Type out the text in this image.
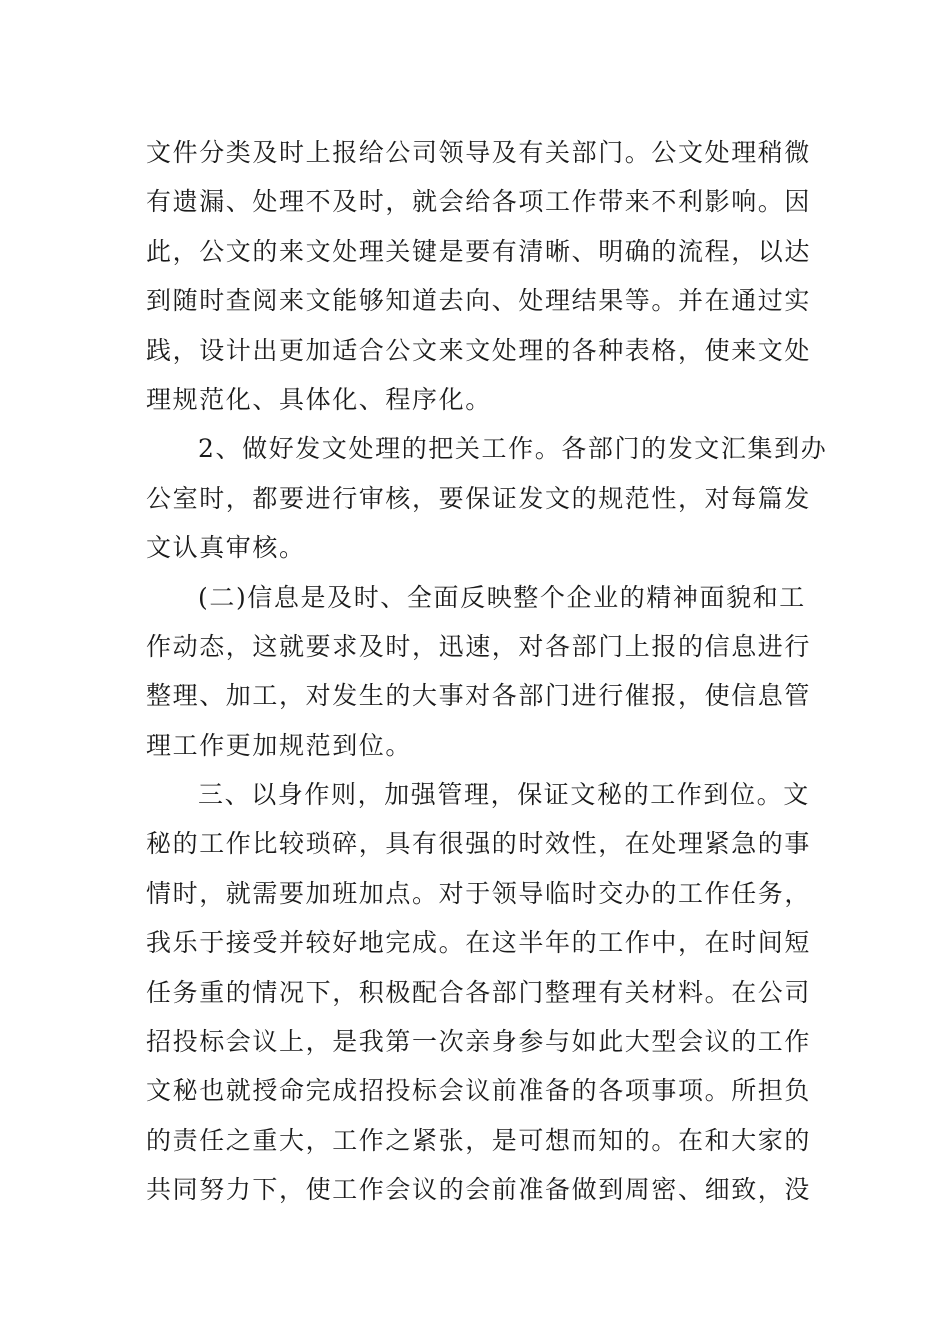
文件分类及时上报给公司领导及有关部门。公文处理稍微
有遗漏、处理不及时，就会给各项工作带来不利影响。因
此，公文的来文处理关键是要有清晰、明确的流程，以达
到随时查阅来文能够知道去向、处理结果等。并在通过实
践，设计出更加适合公文来文处理的各种表格，使来文处
理规范化、具体化、程序化。
2、做好发文处理的把关工作。各部门的发文汇集到办
公室时，都要进行审核，要保证发文的规范性，对每篇发
文认真审核。
(二)信息是及时、全面反映整个企业的精神面貌和工
作动态，这就要求及时，迅速，对各部门上报的信息进行
整理、加工，对发生的大事对各部门进行催报，使信息管
理工作更加规范到位。
三、以身作则，加强管理，保证文秘的工作到位。文
秘的工作比较琐碎，具有很强的时效性，在处理紧急的事
情时，就需要加班加点。对于领导临时交办的工作任务，
我乐于接受并较好地完成。在这半年的工作中，在时间短
任务重的情况下，积极配合各部门整理有关材料。在公司
招投标会议上，是我第一次亲身参与如此大型会议的工作
文秘也就授命完成招投标会议前准备的各项事项。所担负
的责任之重大，工作之紧张，是可想而知的。在和大家的
共同努力下，使工作会议的会前准备做到周密、细致，没
